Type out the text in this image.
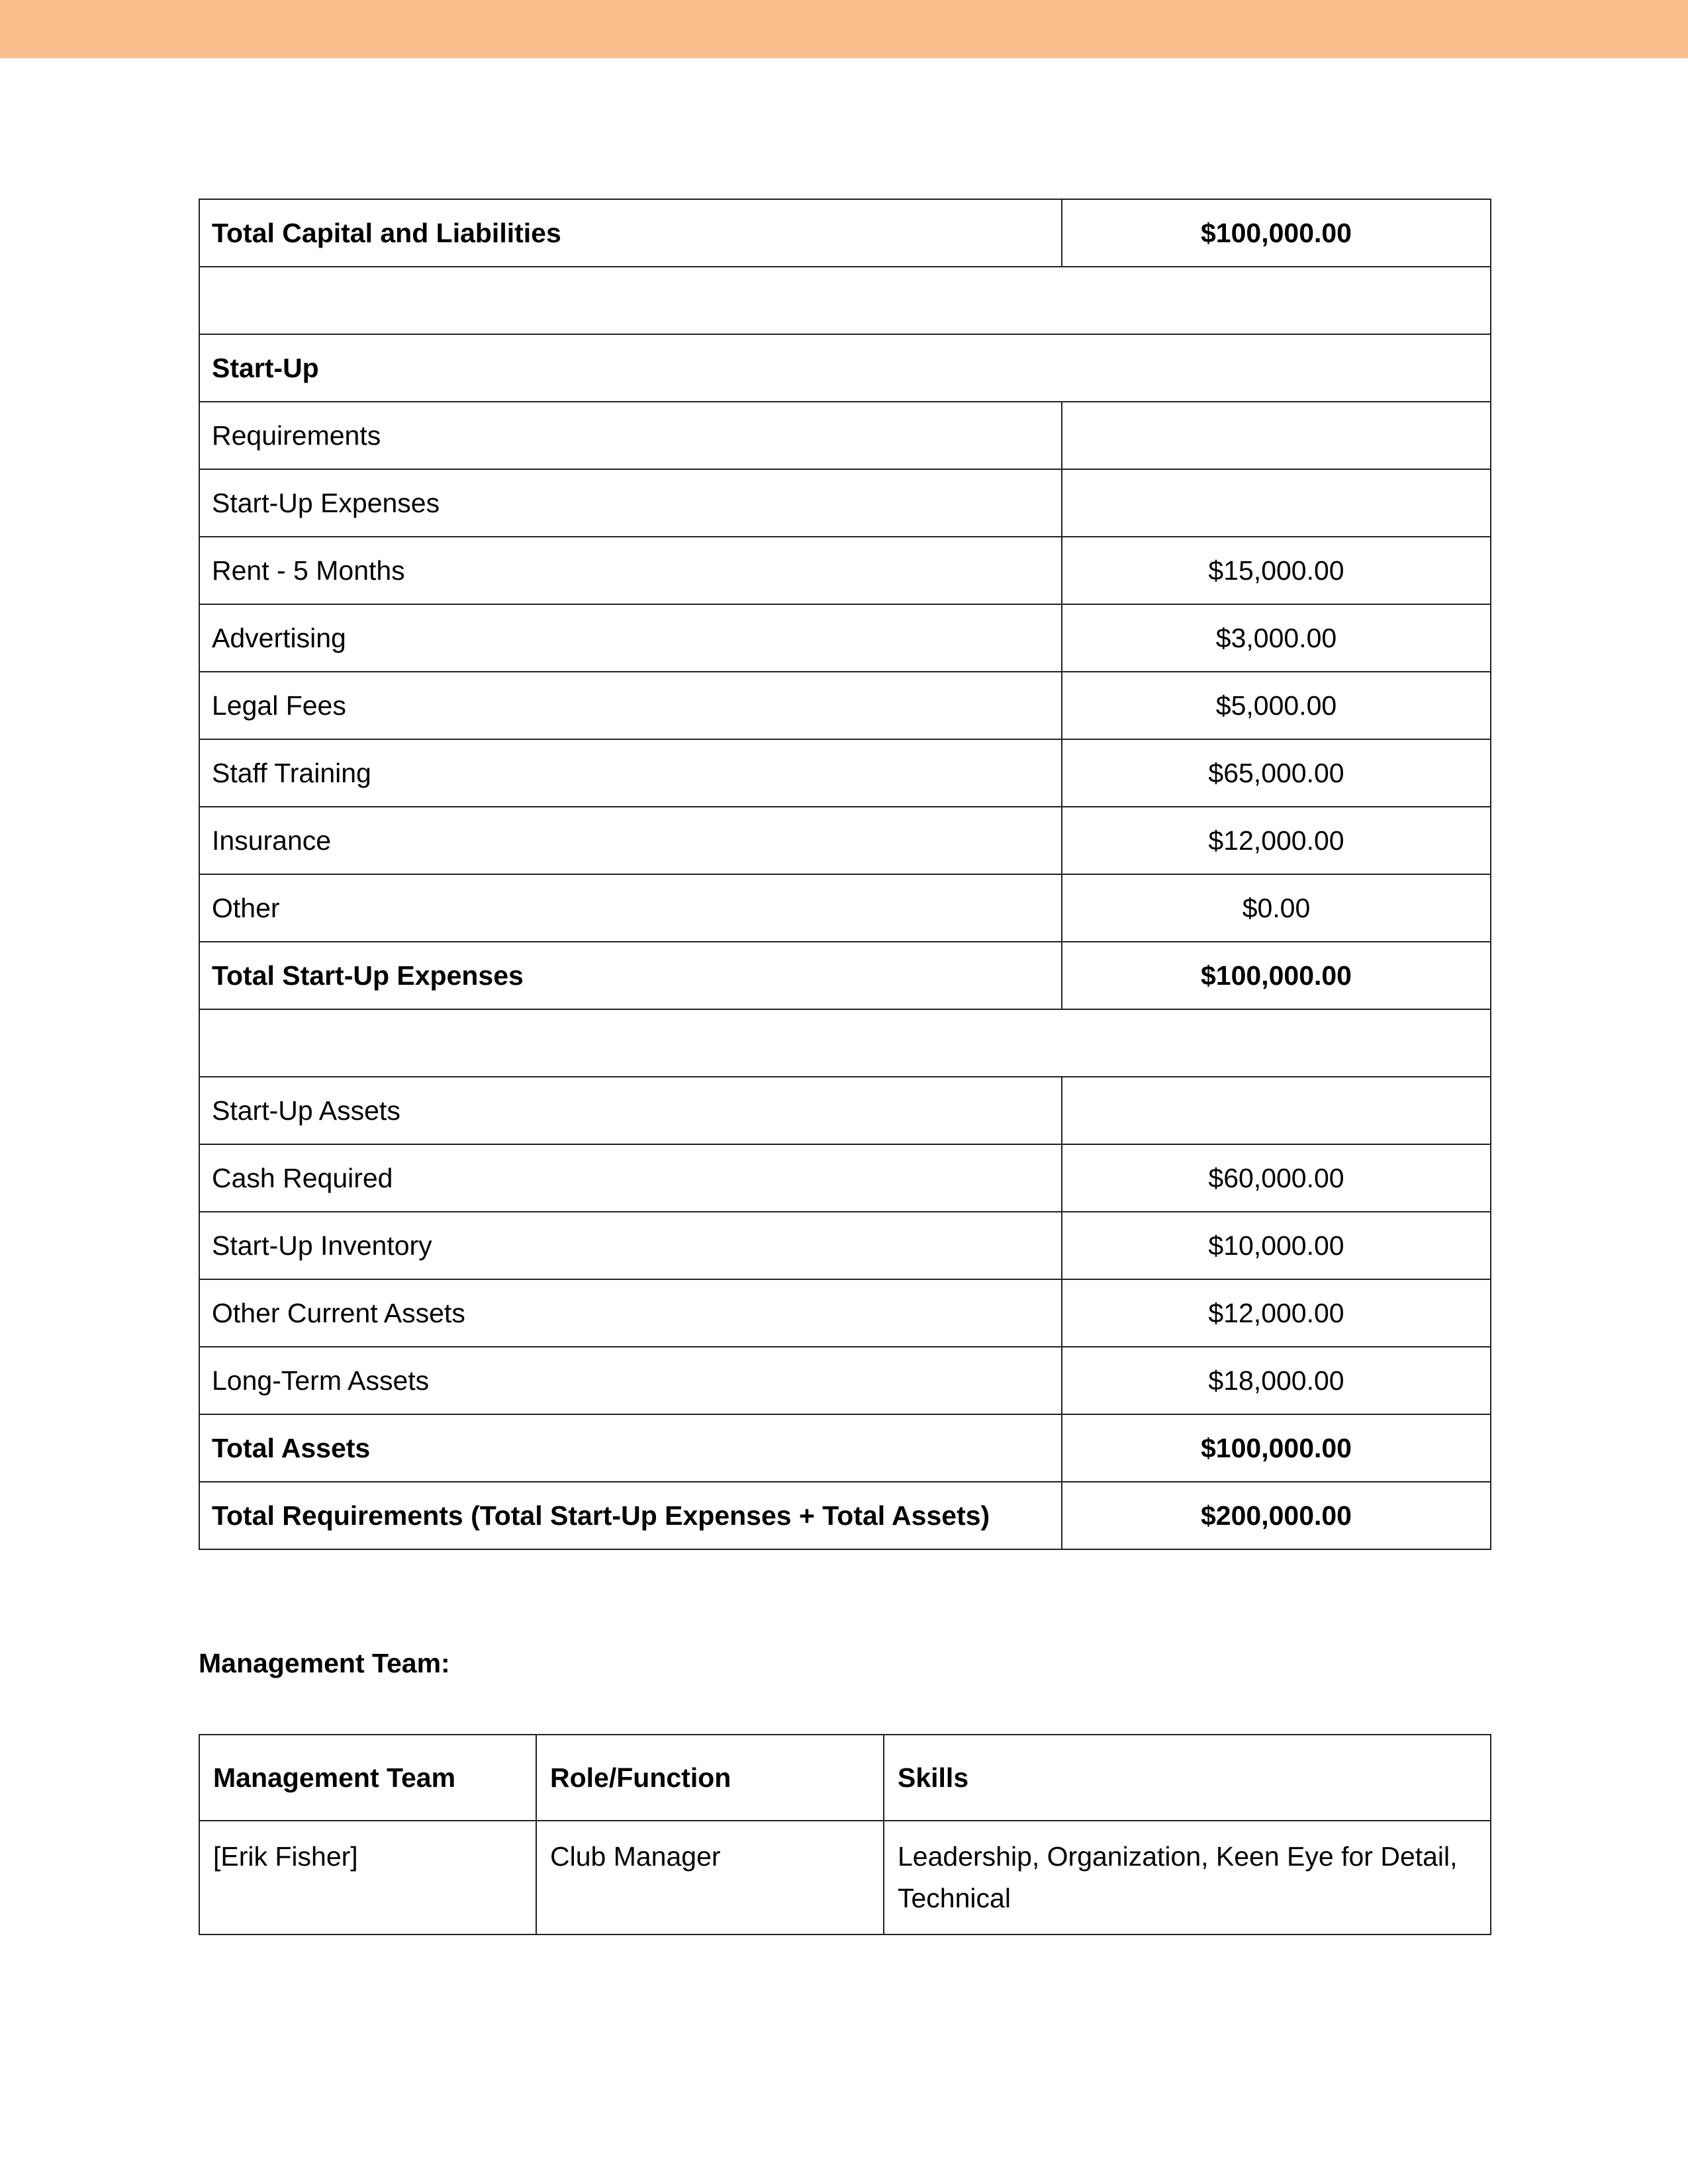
Total Capital and Liabilities	$100,000.00

Start-Up	
Requirements	
Start-Up Expenses	
Rent - 5 Months	$15,000.00
Advertising	$3,000.00
Legal Fees	$5,000.00
Staff Training	$65,000.00
Insurance	$12,000.00
Other	$0.00
Total Start-Up Expenses	$100,000.00

Start-Up Assets	
Cash Required	$60,000.00
Start-Up Inventory	$10,000.00
Other Current Assets	$12,000.00
Long-Term Assets	$18,000.00
Total Assets	$100,000.00
Total Requirements (Total Start-Up Expenses + Total Assets)	$200,000.00
Management Team:
Management Team	Role/Function	Skills
[Erik Fisher]	Club Manager	Leadership, Organization, Keen Eye for Detail, Technical
